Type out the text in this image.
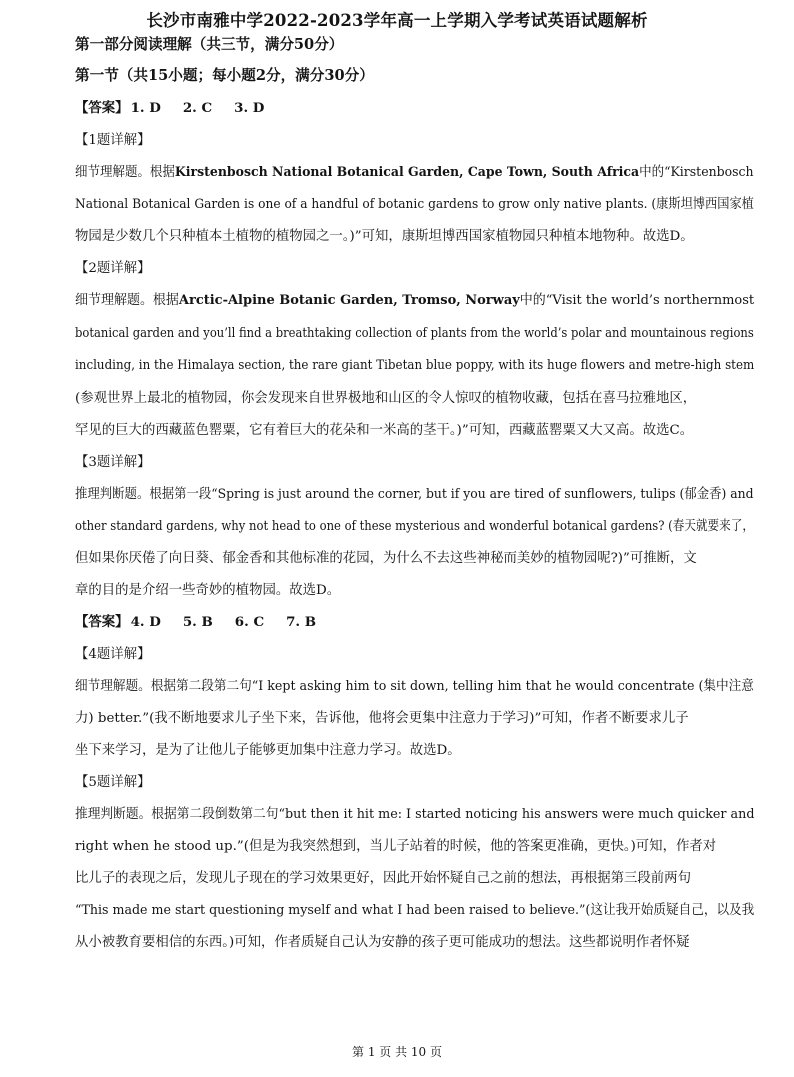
长沙市南雅中学2022-2023学年高一上学期入学考试英语试题解析
第一部分阅读理解（共三节，满分50分）
第一节（共15小题；每小题2分，满分30分）
【答案】 1. D 2. C 3. D
【1题详解】
细节理解题。根据Kirstenbosch National Botanical Garden, Cape Town, South Africa中的“Kirstenbosch
National Botanical Garden is one of a handful of botanic gardens to grow only native plants. (康斯坦博西国家植
物园是少数几个只种植本土植物的植物园之一。)”可知，康斯坦博西国家植物园只种植本地物种。故选D。
【2题详解】
细节理解题。根据Arctic-Alpine Botanic Garden, Tromso, Norway中的“Visit the world’s northernmost
botanical garden and you’ll find a breathtaking collection of plants from the world’s polar and mountainous regions
including, in the Himalaya section, the rare giant Tibetan blue poppy, with its huge flowers and metre-high stem
(参观世界上最北的植物园，你会发现来自世界极地和山区的令人惊叹的植物收藏，包括在喜马拉雅地区，
罕见的巨大的西藏蓝色罂粟，它有着巨大的花朵和一米高的茎干。)”可知，西藏蓝罂粟又大又高。故选C。
【3题详解】
推理判断题。根据第一段“Spring is just around the corner, but if you are tired of sunflowers, tulips (郁金香) and
other standard gardens, why not head to one of these mysterious and wonderful botanical gardens? (春天就要来了，
但如果你厌倦了向日葵、郁金香和其他标准的花园，为什么不去这些神秘而美妙的植物园呢?)”可推断，文
章的目的是介绍一些奇妙的植物园。故选D。
【答案】 4. D 5. B 6. C 7. B
【4题详解】
细节理解题。根据第二段第二句“I kept asking him to sit down, telling him that he would concentrate (集中注意
力) better.”(我不断地要求儿子坐下来，告诉他，他将会更集中注意力于学习)”可知，作者不断要求儿子
坐下来学习，是为了让他儿子能够更加集中注意力学习。故选D。
【5题详解】
推理判断题。根据第二段倒数第二句“but then it hit me: I started noticing his answers were much quicker and
right when he stood up.”(但是为我突然想到，当儿子站着的时候，他的答案更准确，更快。)可知，作者对
比儿子的表现之后，发现儿子现在的学习效果更好，因此开始怀疑自己之前的想法，再根据第三段前两句
“This made me start questioning myself and what I had been raised to believe.”(这让我开始质疑自己，以及我
从小被教育要相信的东西。)可知，作者质疑自己认为安静的孩子更可能成功的想法。这些都说明作者怀疑
第 1 页 共 10 页
